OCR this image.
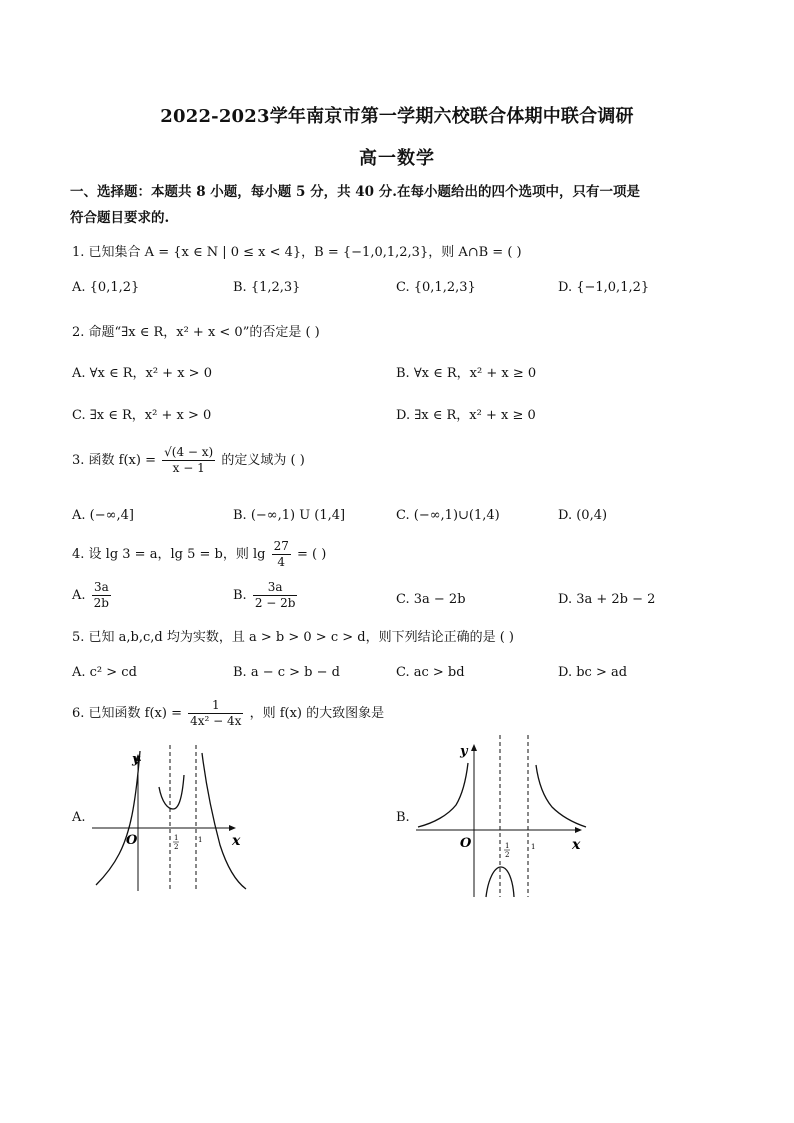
2022-2023学年南京市第一学期六校联合体期中联合调研
高一数学
一、选择题：本题共 8 小题，每小题 5 分，共 40 分.在每小题给出的四个选项中，只有一项是
符合题目要求的.
1. 已知集合 A = {x ∈ N | 0 ≤ x < 4}，B = {−1,0,1,2,3}，则 A∩B = ( )
A. {0,1,2}	B. {1,2,3}	C. {0,1,2,3}	D. {−1,0,1,2}
2. 命题“∃x ∈ R，x² + x < 0”的否定是 ( )
A. ∀x ∈ R，x² + x > 0	B. ∀x ∈ R，x² + x ≥ 0
C. ∃x ∈ R，x² + x > 0	D. ∃x ∈ R，x² + x ≥ 0
3. 函数 $f(x) = \frac{√(4 - x)}{x - 1}$ 的定义域为 ( )
A. (−∞,4]	B. (−∞,1) U (1,4]	C. (−∞,1)∪(1,4)	D. (0,4)
4. 设 lg 3 = a，lg 5 = b，则 $\lg \frac{27}{4}$ = ( )
A. $\frac{3a}{2b}$	B. $\frac{3a}{2 - 2b}$	C. 3a − 2b	D. 3a + 2b − 2
5. 已知 a,b,c,d 均为实数，且 a > b > 0 > c > d，则下列结论正确的是 ( )
A. c² > cd	B. a − c > b − d	C. ac > bd	D. bc > ad
6. 已知函数 $f(x) = \frac{1}{\text{4x² − 4x}}$ ，则 f(x) 的大致图象是
A.	B.
y
x
O	1
2
1
y
x
O	1
2
1
